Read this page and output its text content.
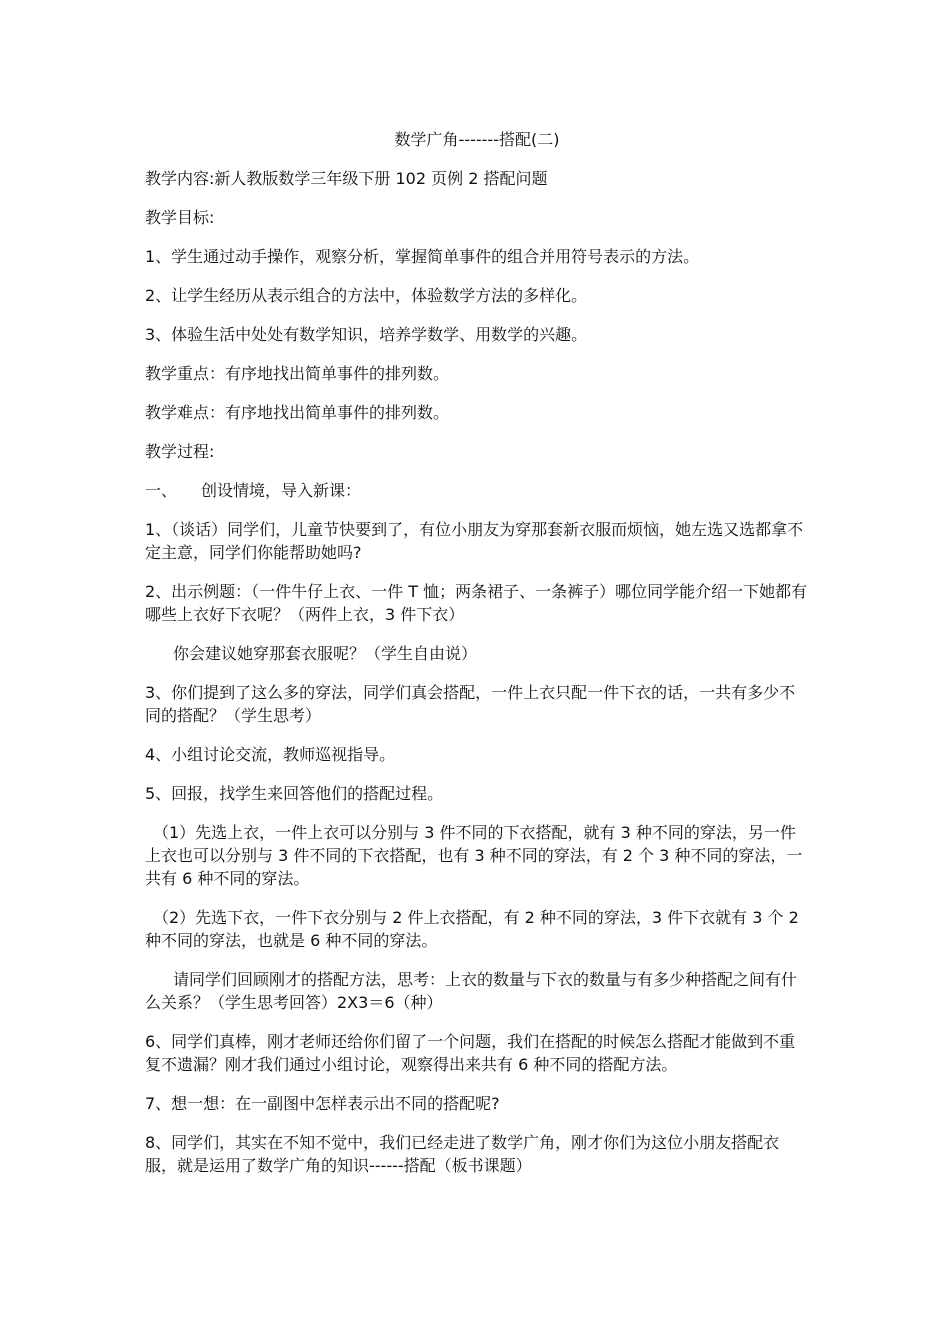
数学广角-------搭配(二)
教学内容:新人教版数学三年级下册 102 页例 2 搭配问题
教学目标:
1、学生通过动手操作，观察分析，掌握简单事件的组合并用符号表示的方法。
2、让学生经历从表示组合的方法中，体验数学方法的多样化。
3、体验生活中处处有数学知识，培养学数学、用数学的兴趣。
教学重点：有序地找出简单事件的排列数。
教学难点：有序地找出简单事件的排列数。
教学过程:
一、 创设情境，导入新课：
1、（谈话）同学们，儿童节快要到了，有位小朋友为穿那套新衣服而烦恼，她左选又选都拿不定主意，同学们你能帮助她吗?
2、出示例题：（一件牛仔上衣、一件 T 恤；两条裙子、一条裤子）哪位同学能介绍一下她都有哪些上衣好下衣呢？（两件上衣，3 件下衣）
你会建议她穿那套衣服呢？（学生自由说）
3、你们提到了这么多的穿法，同学们真会搭配，一件上衣只配一件下衣的话，一共有多少不同的搭配？（学生思考）
4、小组讨论交流，教师巡视指导。
5、回报，找学生来回答他们的搭配过程。
（1）先选上衣，一件上衣可以分别与 3 件不同的下衣搭配，就有 3 种不同的穿法，另一件上衣也可以分别与 3 件不同的下衣搭配，也有 3 种不同的穿法，有 2 个 3 种不同的穿法，一共有 6 种不同的穿法。
（2）先选下衣，一件下衣分别与 2 件上衣搭配，有 2 种不同的穿法，3 件下衣就有 3 个 2 种不同的穿法，也就是 6 种不同的穿法。
请同学们回顾刚才的搭配方法，思考：上衣的数量与下衣的数量与有多少种搭配之间有什么关系？（学生思考回答）2X3＝6（种）
6、同学们真棒，刚才老师还给你们留了一个问题，我们在搭配的时候怎么搭配才能做到不重复不遗漏？刚才我们通过小组讨论，观察得出来共有 6 种不同的搭配方法。
7、想一想：在一副图中怎样表示出不同的搭配呢?
8、同学们，其实在不知不觉中，我们已经走进了数学广角，刚才你们为这位小朋友搭配衣服，就是运用了数学广角的知识------搭配（板书课题）
